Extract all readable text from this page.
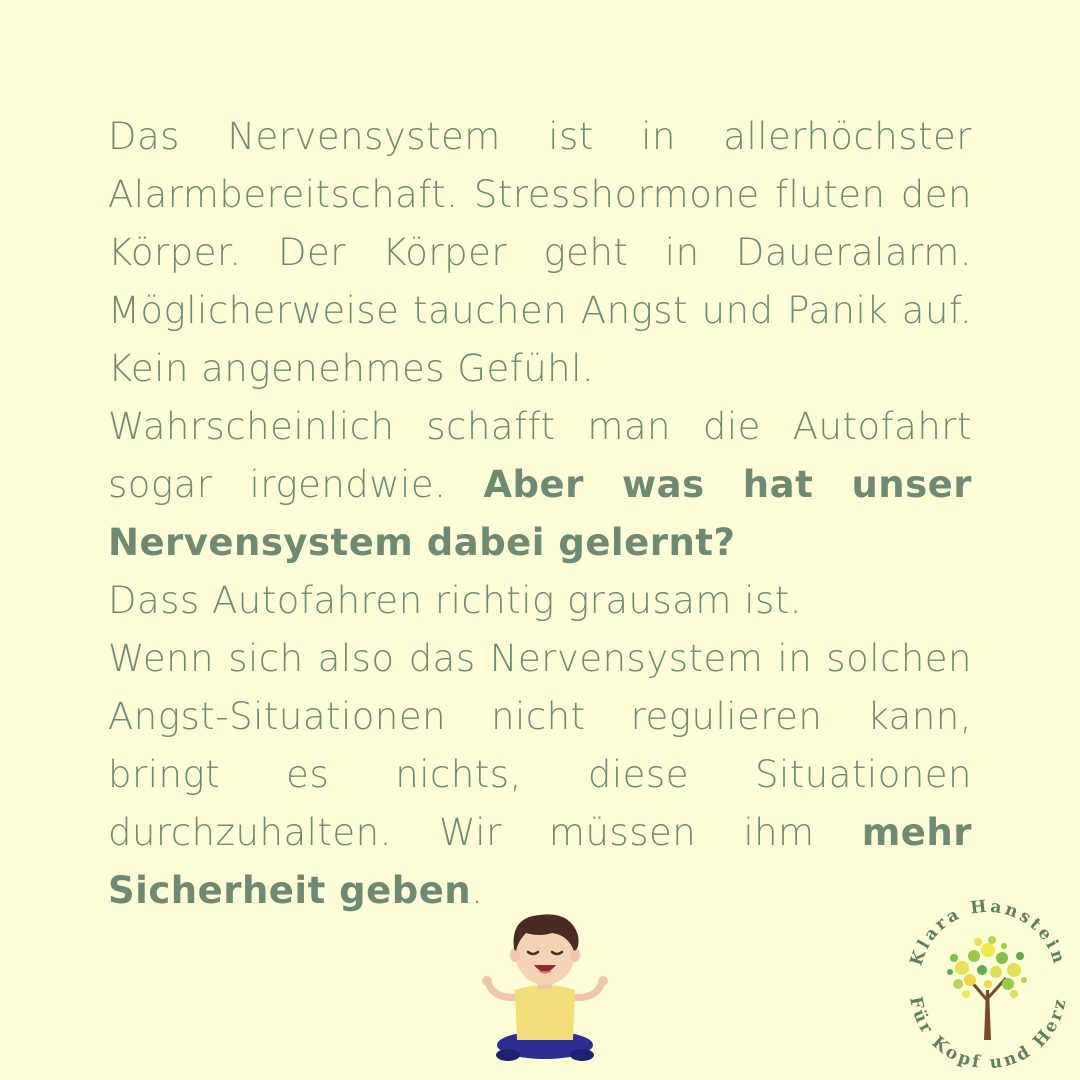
Das Nervensystem ist in allerhöchster Alarmbereitschaft. Stresshormone fluten den Körper. Der Körper geht in Daueralarm. Möglicherweise tauchen Angst und Panik auf. Kein angenehmes Gefühl.

Wahrscheinlich schafft man die Autofahrt sogar irgendwie. Aber was hat unser Nervensystem dabei gelernt?

Dass Autofahren richtig grausam ist.

Wenn sich also das Nervensystem in solchen Angst-Situationen nicht regulieren kann, bringt es nichts, diese Situationen durchzuhalten. Wir müssen ihm mehr Sicherheit geben.

Klara Hanstein
Für Kopf und Herz
